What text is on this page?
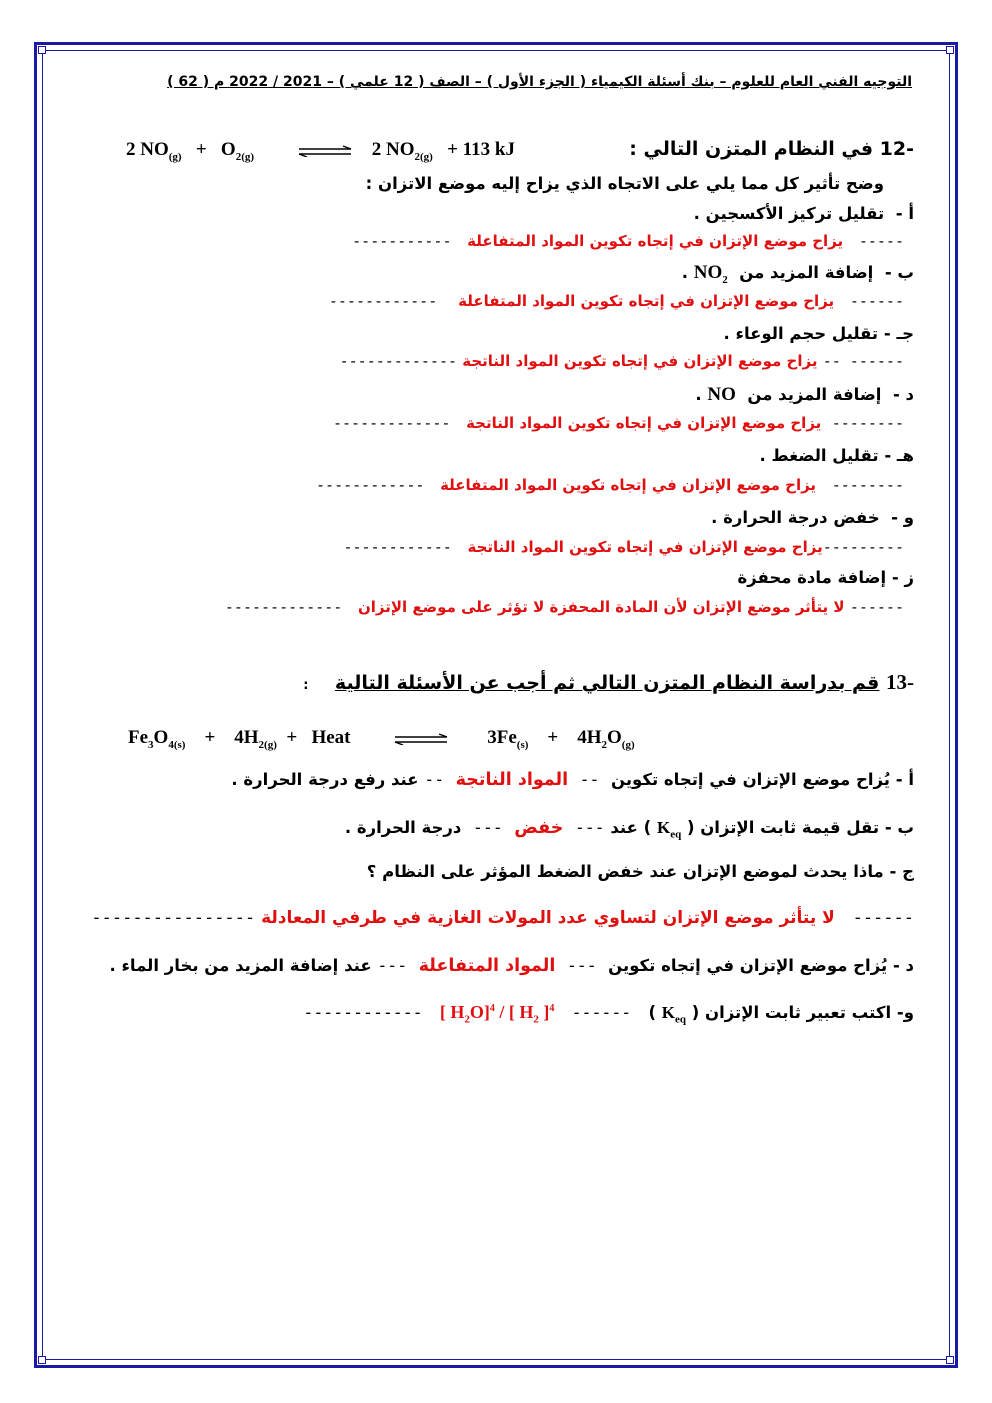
التوجيه الفني العام للعلوم – بنك أسئلة الكيمياء ( الجزء الأول ) – الصف ( 12 علمي ) – 2021 / 2022 م ( 62 )
-12 في النظام المتزن التالي :
2 $NO_{(g)} + O_{2(g)}$ ⇌ 2 $NO_{2(g)} + 113$ kJ
وضح تأثير كل مما يلي على الاتجاه الذي يزاح إليه موضع الاتزان :
أ -  تقليل تركيز الأكسجين .
-----   يزاح موضع الإتزان في إتجاه تكوين المواد المتفاعلة   -----------
ب -  إضافة المزيد من  $NO_2$ .
------   يزاح موضع الإتزان في إتجاه تكوين المواد المتفاعلة    ------------
جـ - تقليل حجم الوعاء .
------ -- يزاح موضع الإتزان في إتجاه تكوين المواد الناتجة -------------
د -  إضافة المزيد من  NO .
--------  يزاح موضع الإتزان في إتجاه تكوين المواد الناتجة   -------------
هـ - تقليل الضغط .
--------   يزاح موضع الإتزان في إتجاه تكوين المواد المتفاعلة   ------------
و -  خفض درجة الحرارة .
---------يزاح موضع الإتزان في إتجاه تكوين المواد الناتجة   ------------
ز - إضافة مادة محفزة
------ لا يتأثر موضع الإتزان لأن المادة المحفزة لا تؤثر على موضع الإتزان   -------------
-13 قم بدراسة النظام المتزن التالي ثم أجب عن الأسئلة التالية    :
$Fe_3O_{4(s)}$    +    $4H_{2(g)}$  +   Heat	$3Fe_{(s)}$    +    $4H_2O_{(g)}$
أ - يُزاح موضع الإتزان في إتجاه تكوين  --  المواد الناتجة  -- عند رفع درجة الحرارة .
ب - تقل قيمة ثابت الإتزان ( $K_{eq}$ ) عند ---  خفض  ---  درجة الحرارة .
ج - ماذا يحدث لموضع الإتزان عند خفض الضغط المؤثر على النظام ؟
------   لا يتأثر موضع الإتزان لتساوي عدد المولات الغازية في طرفي المعادلة ----------------
د - يُزاح موضع الإتزان في إتجاه تكوين  ---  المواد المتفاعلة  --- عند إضافة المزيد من بخار الماء .
و- اكتب تعبير ثابت الإتزان ( $K_{eq}$ )   ------   [ $H_2O]^4$ / [ $H_2$ ]$^4$   ------------
